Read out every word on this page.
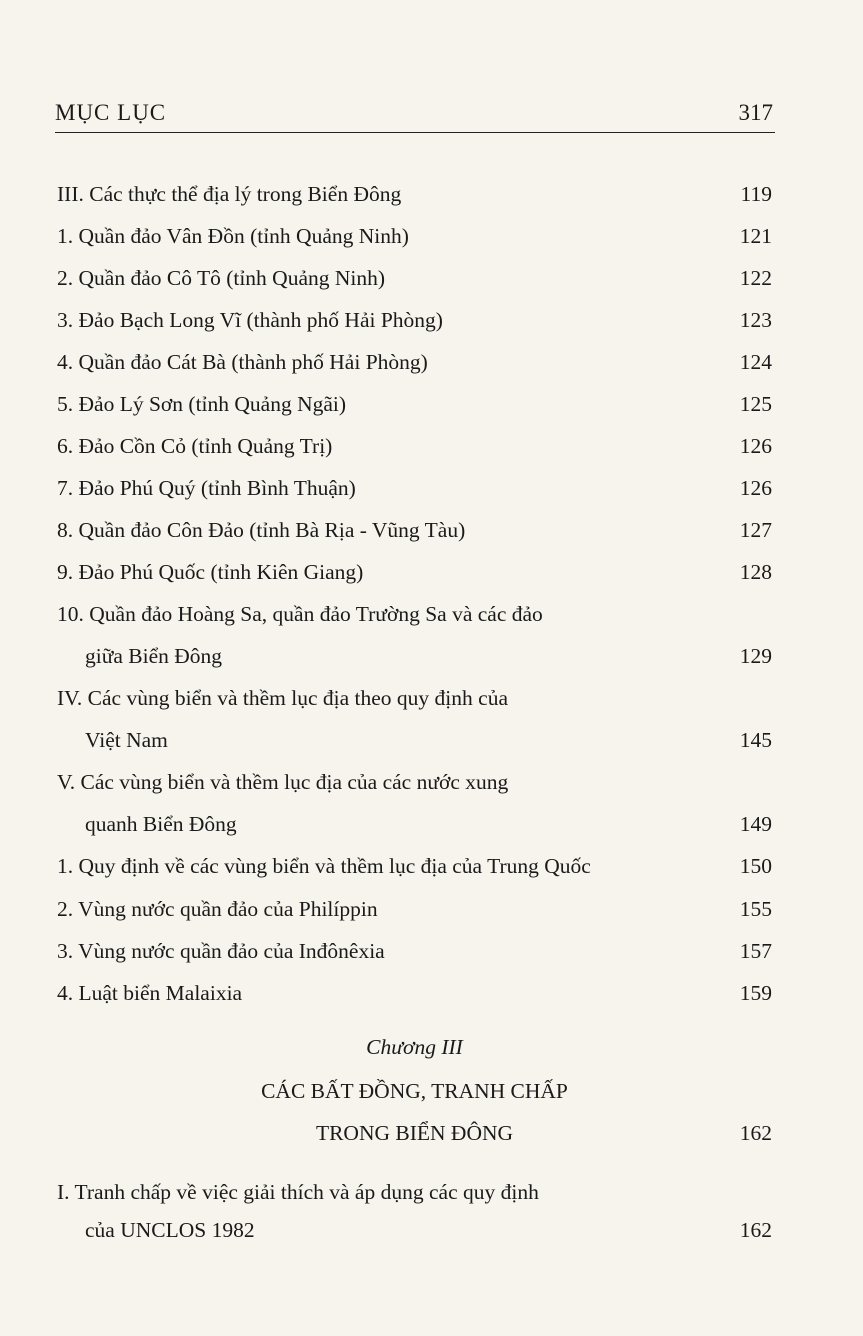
MỤC LỤC	317
III. Các thực thể địa lý trong Biển Đông	119
1. Quần đảo Vân Đồn (tỉnh Quảng Ninh)	121
2. Quần đảo Cô Tô (tỉnh Quảng Ninh)	122
3. Đảo Bạch Long Vĩ (thành phố Hải Phòng)	123
4. Quần đảo Cát Bà (thành phố Hải Phòng)	124
5. Đảo Lý Sơn (tỉnh Quảng Ngãi)	125
6. Đảo Cồn Cỏ (tỉnh Quảng Trị)	126
7. Đảo Phú Quý (tỉnh Bình Thuận)	126
8. Quần đảo Côn Đảo (tỉnh Bà Rịa - Vũng Tàu)	127
9. Đảo Phú Quốc (tỉnh Kiên Giang)	128
10. Quần đảo Hoàng Sa, quần đảo Trường Sa và các đảo
giữa Biển Đông	129
IV. Các vùng biển và thềm lục địa theo quy định của
Việt Nam	145
V. Các vùng biển và thềm lục địa của các nước xung
quanh Biển Đông	149
1. Quy định về các vùng biển và thềm lục địa của Trung Quốc	150
2. Vùng nước quần đảo của Philíppin	155
3. Vùng nước quần đảo của Inđônêxia	157
4. Luật biển Malaixia	159
Chương III
CÁC BẤT ĐỒNG, TRANH CHẤP
TRONG BIỂN ĐÔNG	162
I. Tranh chấp về việc giải thích và áp dụng các quy định
của UNCLOS 1982	162
